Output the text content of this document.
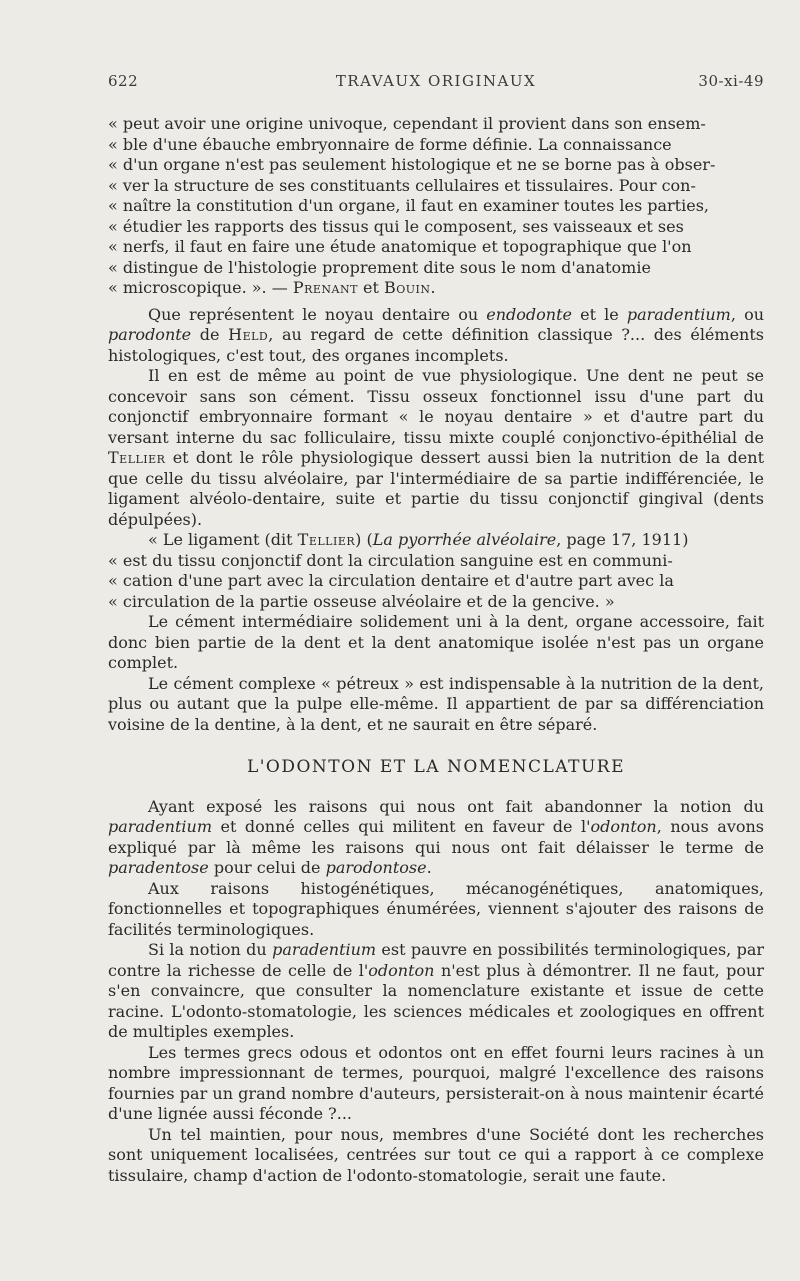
622	TRAVAUX ORIGINAUX	30-xi-49

« peut avoir une origine univoque, cependant il provient dans son ensem-

« ble d'une ébauche embryonnaire de forme définie. La connaissance

« d'un organe n'est pas seulement histologique et ne se borne pas à obser-

« ver la structure de ses constituants cellulaires et tissulaires. Pour con-

« naître la constitution d'un organe, il faut en examiner toutes les parties,

« étudier les rapports des tissus qui le composent, ses vaisseaux et ses

« nerfs, il faut en faire une étude anatomique et topographique que l'on

« distingue de l'histologie proprement dite sous le nom d'anatomie

« microscopique. ». — Prenant et Bouin.

Que représentent le noyau dentaire ou endodonte et le paradentium, ou parodonte de Held, au regard de cette définition classique ?... des éléments histologiques, c'est tout, des organes incomplets.

Il en est de même au point de vue physiologique. Une dent ne peut se concevoir sans son cément. Tissu osseux fonctionnel issu d'une part du conjonctif embryonnaire formant « le noyau dentaire » et d'autre part du versant interne du sac folliculaire, tissu mixte couplé conjonctivo-épithélial de Tellier et dont le rôle physiologique dessert aussi bien la nutrition de la dent que celle du tissu alvéolaire, par l'intermédiaire de sa partie indifférenciée, le ligament alvéolo-dentaire, suite et partie du tissu conjonctif gingival (dents dépulpées).

« Le ligament (dit Tellier) (La pyorrhée alvéolaire, page 17, 1911)

« est du tissu conjonctif dont la circulation sanguine est en communi-

« cation d'une part avec la circulation dentaire et d'autre part avec la

« circulation de la partie osseuse alvéolaire et de la gencive. »

Le cément intermédiaire solidement uni à la dent, organe accessoire, fait donc bien partie de la dent et la dent anatomique isolée n'est pas un organe complet.

Le cément complexe « pétreux » est indispensable à la nutrition de la dent, plus ou autant que la pulpe elle-même. Il appartient de par sa différenciation voisine de la dentine, à la dent, et ne saurait en être séparé.

L'ODONTON ET LA NOMENCLATURE

Ayant exposé les raisons qui nous ont fait abandonner la notion du paradentium et donné celles qui militent en faveur de l'odonton, nous avons expliqué par là même les raisons qui nous ont fait délaisser le terme de paradentose pour celui de parodontose.

Aux raisons histogénétiques, mécanogénétiques, anatomiques, fonctionnelles et topographiques énumérées, viennent s'ajouter des raisons de facilités terminologiques.

Si la notion du paradentium est pauvre en possibilités terminologiques, par contre la richesse de celle de l'odonton n'est plus à démontrer. Il ne faut, pour s'en convaincre, que consulter la nomenclature existante et issue de cette racine. L'odonto-stomatologie, les sciences médicales et zoologiques en offrent de multiples exemples.

Les termes grecs odous et odontos ont en effet fourni leurs racines à un nombre impressionnant de termes, pourquoi, malgré l'excellence des raisons fournies par un grand nombre d'auteurs, persisterait-on à nous maintenir écarté d'une lignée aussi féconde ?...

Un tel maintien, pour nous, membres d'une Société dont les recherches sont uniquement localisées, centrées sur tout ce qui a rapport à ce complexe tissulaire, champ d'action de l'odonto-stomatologie, serait une faute.
